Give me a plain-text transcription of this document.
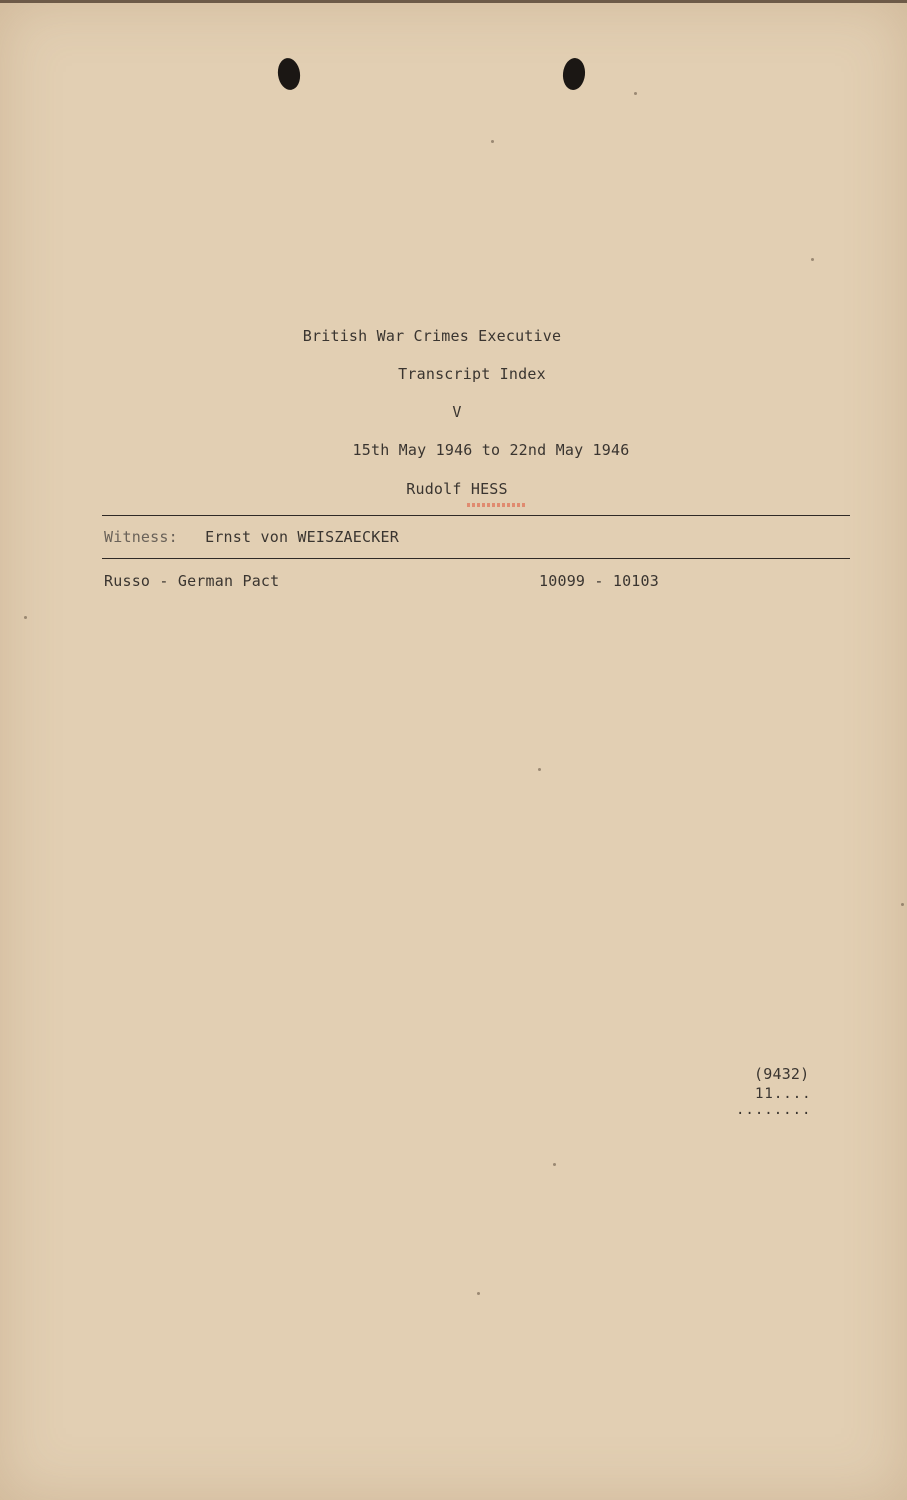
British War Crimes Executive
Transcript Index
V
15th May 1946 to 22nd May 1946
Rudolf HESS
Witness: Ernst von WEISZAECKER
Russo - German Pact	10099 - 10103
(9432)
11....
........
